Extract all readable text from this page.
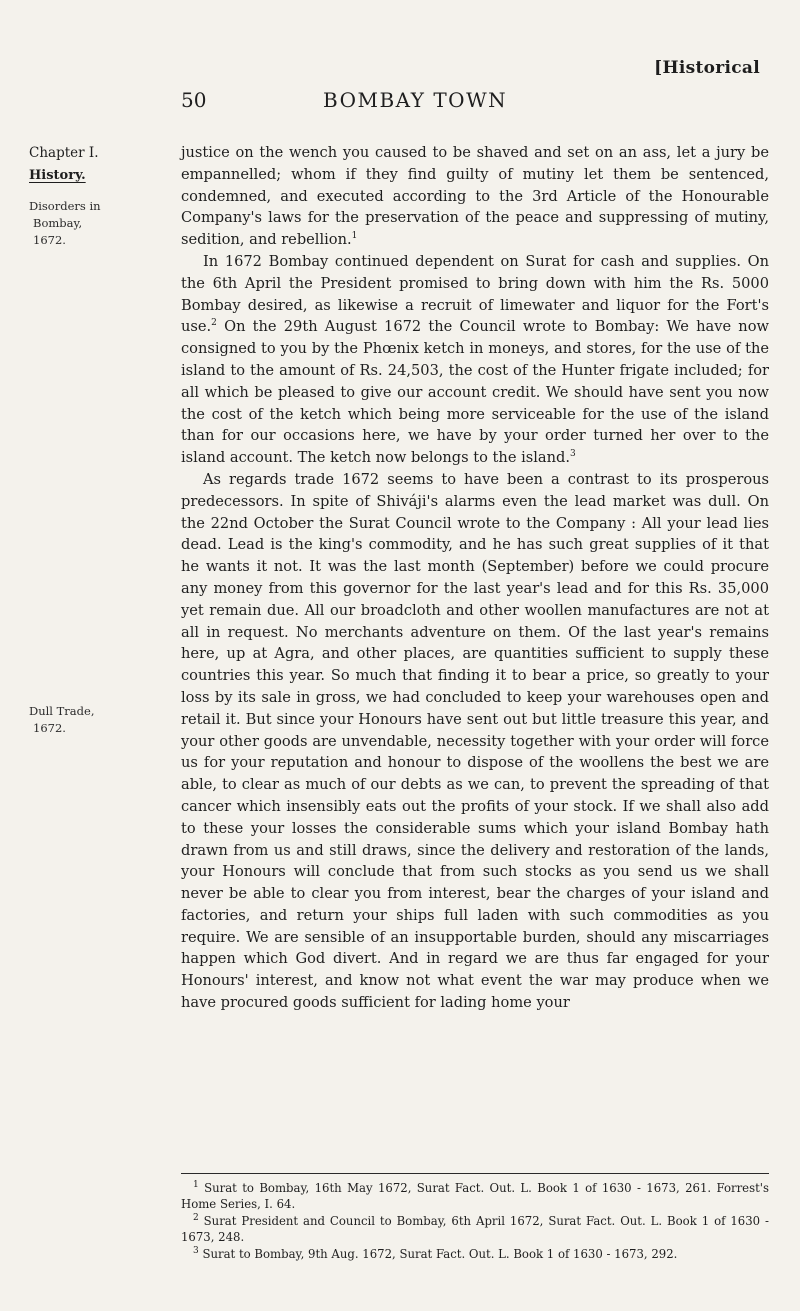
[Historical
50	BOMBAY TOWN

Chapter I.

History.

Disorders in

Bombay,

1672.

Dull Trade,
1672.

justice on the wench you caused to be shaved and set on an ass, let a jury be empannelled; whom if they find guilty of mutiny let them be sentenced, condemned, and executed according to the 3rd Article of the Honourable Company's laws for the preservation of the peace and suppressing of mutiny, sedition, and rebellion.$^1$

In 1672 Bombay continued dependent on Surat for cash and supplies. On the 6th April the President promised to bring down with him the Rs. 5000 Bombay desired, as likewise a recruit of limewater and liquor for the Fort's use.$^2$ On the 29th August 1672 the Council wrote to Bombay: We have now consigned to you by the Phœnix ketch in moneys, and stores, for the use of the island to the amount of Rs. 24,503, the cost of the Hunter frigate included; for all which be pleased to give our account credit. We should have sent you now the cost of the ketch which being more serviceable for the use of the island than for our occasions here, we have by your order turned her over to the island account. The ketch now belongs to the island.$^3$

As regards trade 1672 seems to have been a contrast to its prosperous predecessors. In spite of Shiváji's alarms even the lead market was dull. On the 22nd October the Surat Council wrote to the Company : All your lead lies dead. Lead is the king's commodity, and he has such great supplies of it that he wants it not. It was the last month (September) before we could procure any money from this governor for the last year's lead and for this Rs. 35,000 yet remain due. All our broadcloth and other woollen manufactures are not at all in request. No merchants adventure on them. Of the last year's remains here, up at Agra, and other places, are quantities sufficient to supply these countries this year. So much that finding it to bear a price, so greatly to your loss by its sale in gross, we had concluded to keep your warehouses open and retail it. But since your Honours have sent out but little treasure this year, and your other goods are unvendable, necessity together with your order will force us for your reputation and honour to dispose of the woollens the best we are able, to clear as much of our debts as we can, to prevent the spreading of that cancer which insensibly eats out the profits of your stock. If we shall also add to these your losses the considerable sums which your island Bombay hath drawn from us and still draws, since the delivery and restoration of the lands, your Honours will conclude that from such stocks as you send us we shall never be able to clear you from interest, bear the charges of your island and factories, and return your ships full laden with such commodities as you require. We are sensible of an insupportable burden, should any miscarriages happen which God divert. And in regard we are thus far engaged for your Honours' interest, and know not what event the war may produce when we have procured goods sufficient for lading home your

$^1$ Surat to Bombay, 16th May 1672, Surat Fact. Out. L. Book 1 of 1630 - 1673, 261. Forrest's Home Series, I. 64.

$^2$ Surat President and Council to Bombay, 6th April 1672, Surat Fact. Out. L. Book 1 of 1630 - 1673, 248.

$^3$ Surat to Bombay, 9th Aug. 1672, Surat Fact. Out. L. Book 1 of 1630 - 1673, 292.
